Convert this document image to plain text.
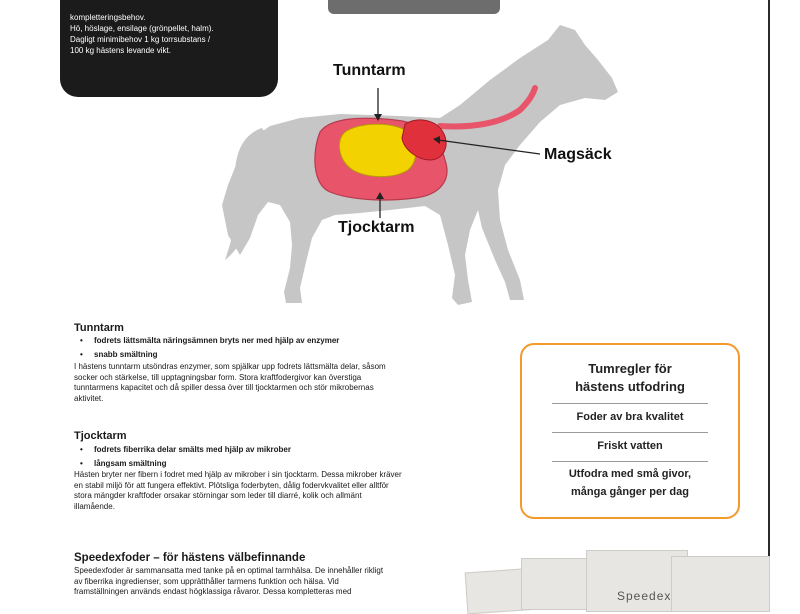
kompletteringsbehov.
Hö, höslage, ensilage (grönpellet, halm).
Dagligt minimibehov 1 kg torrsubstans /
100 kg hästens levande vikt.
Tunntarm
Magsäck
Tjocktarm
Tunntarm
• fodrets lättsmälta näringsämnen bryts ner med hjälp av enzymer
• snabb smältning
I hästens tunntarm utsöndras enzymer, som spjälkar upp fodrets lättsmälta delar, såsom
socker och stärkelse, till upptagningsbar form. Stora kraftfodergivor kan överstiga
tunntarmens kapacitet och då spiller dessa över till tjocktarmen och stör mikrobernas
aktivitet.
Tjocktarm
• fodrets fiberrika delar smälts med hjälp av mikrober
• långsam smältning
Hästen bryter ner fibern i fodret med hjälp av mikrober i sin tjocktarm. Dessa mikrober kräver
en stabil miljö för att fungera effektivt. Plötsliga foderbyten, dålig fodervkvalitet eller alltför
stora mängder kraftfoder orsakar störningar som leder till diarré, kolik och allmänt
illamående.
Speedexfoder – för hästens välbefinnande
Speedexfoder är sammansatta med tanke på en optimal tarmhälsa. De innehåller rikligt
av fiberrika ingredienser, som upprätthåller tarmens funktion och hälsa. Vid
framställningen används endast högklassiga råvaror. Dessa kompletteras med
Tumregler för
hästens utfodring
Foder av bra kvalitet
Friskt vatten
Utfodra med små givor,
många gånger per dag
Speedex
